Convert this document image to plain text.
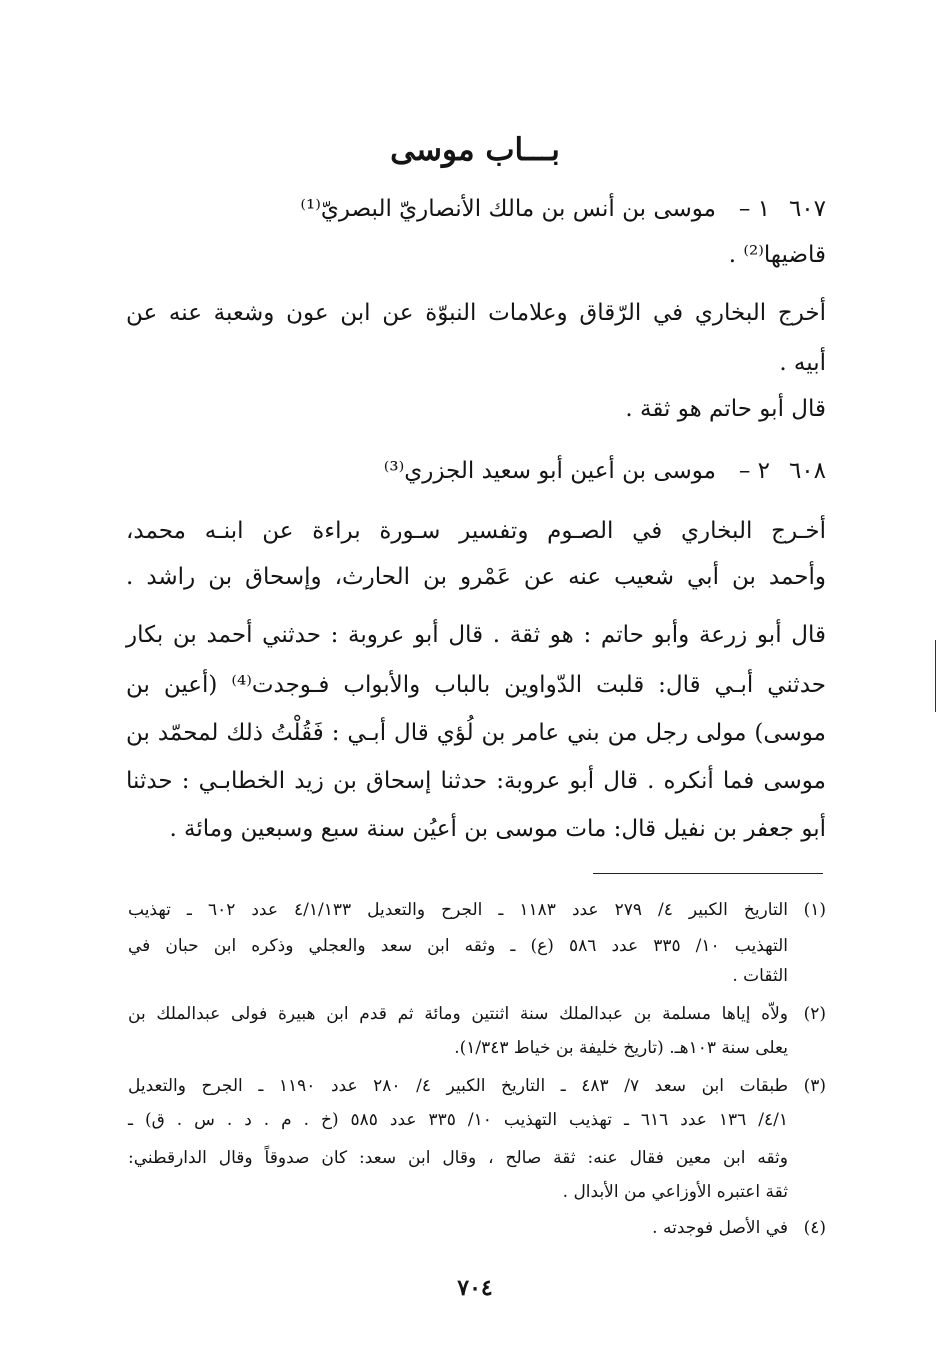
بـــاب موسى
٦٠٧
١ –
موسى بن أنس بن مالك الأنصاريّ البصريّ⁽¹⁾
قاضيها⁽²⁾ .
أخرج البخاري في الرّقاق وعلامات النبوّة عن ابن عون وشعبة عنه عن
أبيه .
قال أبو حاتم هو ثقة .
٦٠٨
٢ –
موسى بن أعين أبو سعيد الجزري⁽³⁾
أخـرج البخاري في الصـوم وتفسير سـورة براءة عن ابنـه محمد،
وأحمد بن أبي شعيب عنه عن عَمْرو بن الحارث، وإسحاق بن راشد .
قال أبو زرعة وأبو حاتم : هو ثقة . قال أبو عروبة : حدثني أحمد بن بكار
حدثني أبـي قال: قلبت الدّواوين بالباب والأبواب فـوجدت⁽⁴⁾ (أعين بن
موسى) مولى رجل من بني عامر بن لُؤي قال أبـي : فَقُلْتُ ذلك لمحمّد بن
موسى فما أنكره . قال أبو عروبة: حدثنا إسحاق بن زيد الخطابـي : حدثنا
أبو جعفر بن نفيل قال: مات موسى بن أعيُن سنة سبع وسبعين ومائة .
(١)
التاريخ الكبير ٤/ ٢٧٩ عدد ١١٨٣ ـ الجرح والتعديل ٤/١/١٣٣ عدد ٦٠٢ ـ تهذيب
التهذيب ١٠/ ٣٣٥ عدد ٥٨٦ (ع) ـ وثقه ابن سعد والعجلي وذكره ابن حبان في
الثقات .
(٢)
ولاّه إياها مسلمة بن عبدالملك سنة اثنتين ومائة ثم قدم ابن هبيرة فولى عبدالملك بن
يعلى سنة ١٠٣هـ. (تاريخ خليفة بن خياط ١/٣٤٣).
(٣)
طبقات ابن سعد ٧/ ٤٨٣ ـ التاريخ الكبير ٤/ ٢٨٠ عدد ١١٩٠ ـ الجرح والتعديل
٤/١/ ١٣٦ عدد ٦١٦ ـ تهذيب التهذيب ١٠/ ٣٣٥ عدد ٥٨٥ (خ . م . د . س . ق) ـ
وثقه ابن معين فقال عنه: ثقة صالح ، وقال ابن سعد: كان صدوقاً وقال الدارقطني:
ثقة اعتبره الأوزاعي من الأبدال .
(٤)
في الأصل فوجدته .
٧٠٤
